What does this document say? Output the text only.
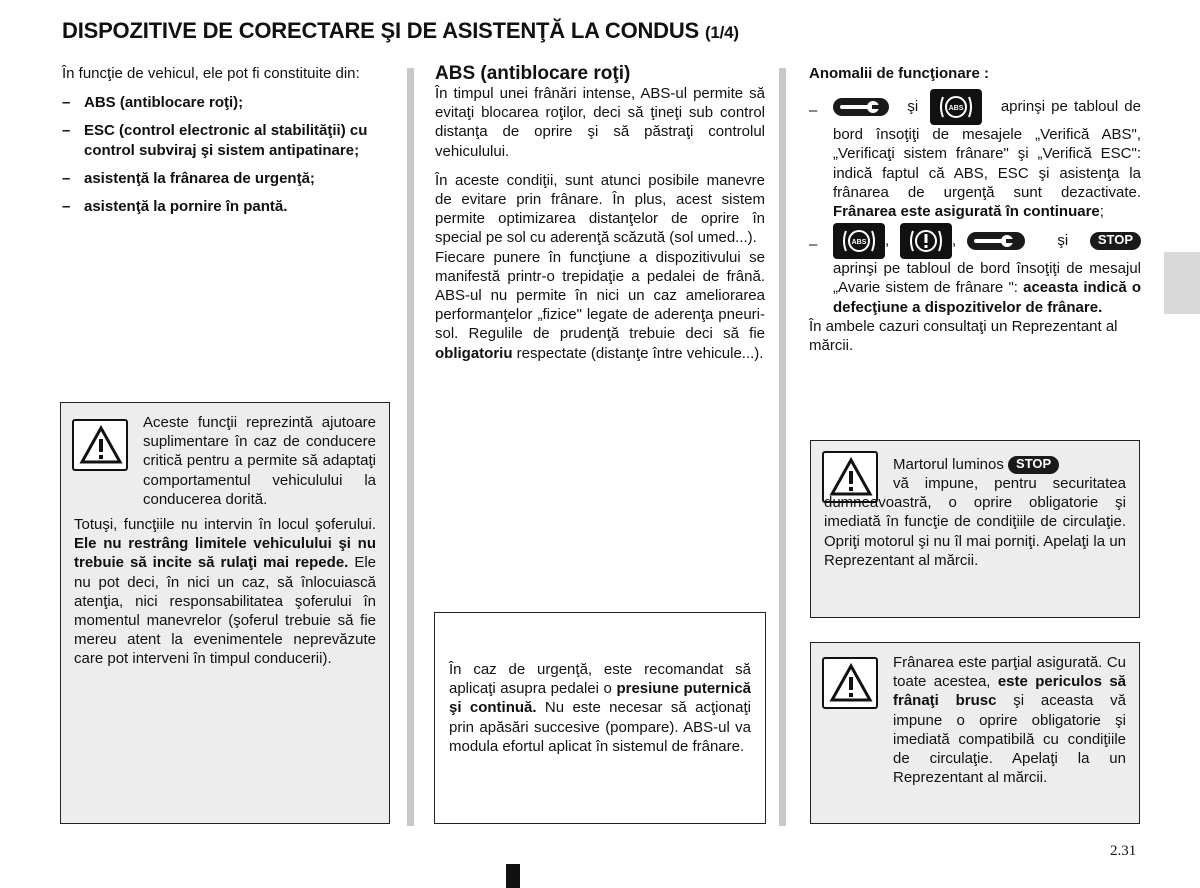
DISPOZITIVE DE CORECTARE ŞI DE ASISTENŢĂ LA CONDUS (1/4)
În funcţie de vehicul, ele pot fi constituite din:
– ABS (antiblocare roţi);
– ESC (control electronic al stabilităţii) cu control subviraj şi sistem antipatinare;
– asistenţă la frânarea de urgenţă;
– asistenţă la pornire în pantă.
Aceste funcţii reprezintă ajutoare suplimentare în caz de conducere critică pentru a permite să adaptaţi comportamentul vehiculului la conducerea dorită.
Totuşi, funcţiile nu intervin în locul şoferului. Ele nu restrâng limitele vehiculului şi nu trebuie să incite să rulaţi mai repede. Ele nu pot deci, în nici un caz, să înlocuiască atenţia, nici responsabilitatea şoferului în momentul manevrelor (şoferul trebuie să fie mereu atent la evenimentele neprevăzute care pot interveni în timpul conducerii).
ABS (antiblocare roţi)
În timpul unei frânări intense, ABS-ul permite să evitaţi blocarea roţilor, deci să ţineţi sub control distanţa de oprire şi să păstraţi controlul vehiculului.
În aceste condiţii, sunt atunci posibile manevre de evitare prin frânare. În plus, acest sistem permite optimizarea distanţelor de oprire în special pe sol cu aderenţă scăzută (sol umed...).
Fiecare punere în funcţiune a dispozitivului se manifestă printr-o trepidaţie a pedalei de frână. ABS-ul nu permite în nici un caz ameliorarea performanţelor „fizice" legate de aderenţa pneuri-sol. Regulile de prudenţă trebuie deci să fie obligatoriu respectate (distanţe între vehicule...).
În caz de urgenţă, este recomandat să aplicaţi asupra pedalei o presiune puternică şi continuă. Nu este necesar să acţionaţi prin apăsări succesive (pompare). ABS-ul va modula efortul aplicat în sistemul de frânare.
Anomalii de funcţionare :
–	şi	ABS aprinşi pe tabloul de bord însoţiţi de mesajele „Verifică ABS", „Verificaţi sistem frânare" şi „Verifică ESC": indică faptul că ABS, ESC şi asistenţa la frânarea de urgenţă sunt dezactivate. Frânarea este asigurată în continuare;
–	ABS ,	,	şi STOP aprinşi pe tabloul de bord însoţiţi de mesajul „Avarie sistem de frânare ": aceasta indică o defecţiune a dispozitivelor de frânare.
În ambele cazuri consultaţi un Reprezentant al mărcii.
Martorul luminos STOP
vă impune, pentru securitatea dumneavoastră, o oprire obligatorie şi imediată în funcţie de condiţiile de circulaţie. Opriţi motorul şi nu îl mai porniţi. Apelaţi la un Reprezentant al mărcii.
Frânarea este parţial asigurată. Cu toate acestea, este periculos să frânaţi brusc şi aceasta vă impune o oprire obligatorie şi imediată compatibilă cu condiţiile de circulaţie. Apelaţi la un Reprezentant al mărcii.
2.31
